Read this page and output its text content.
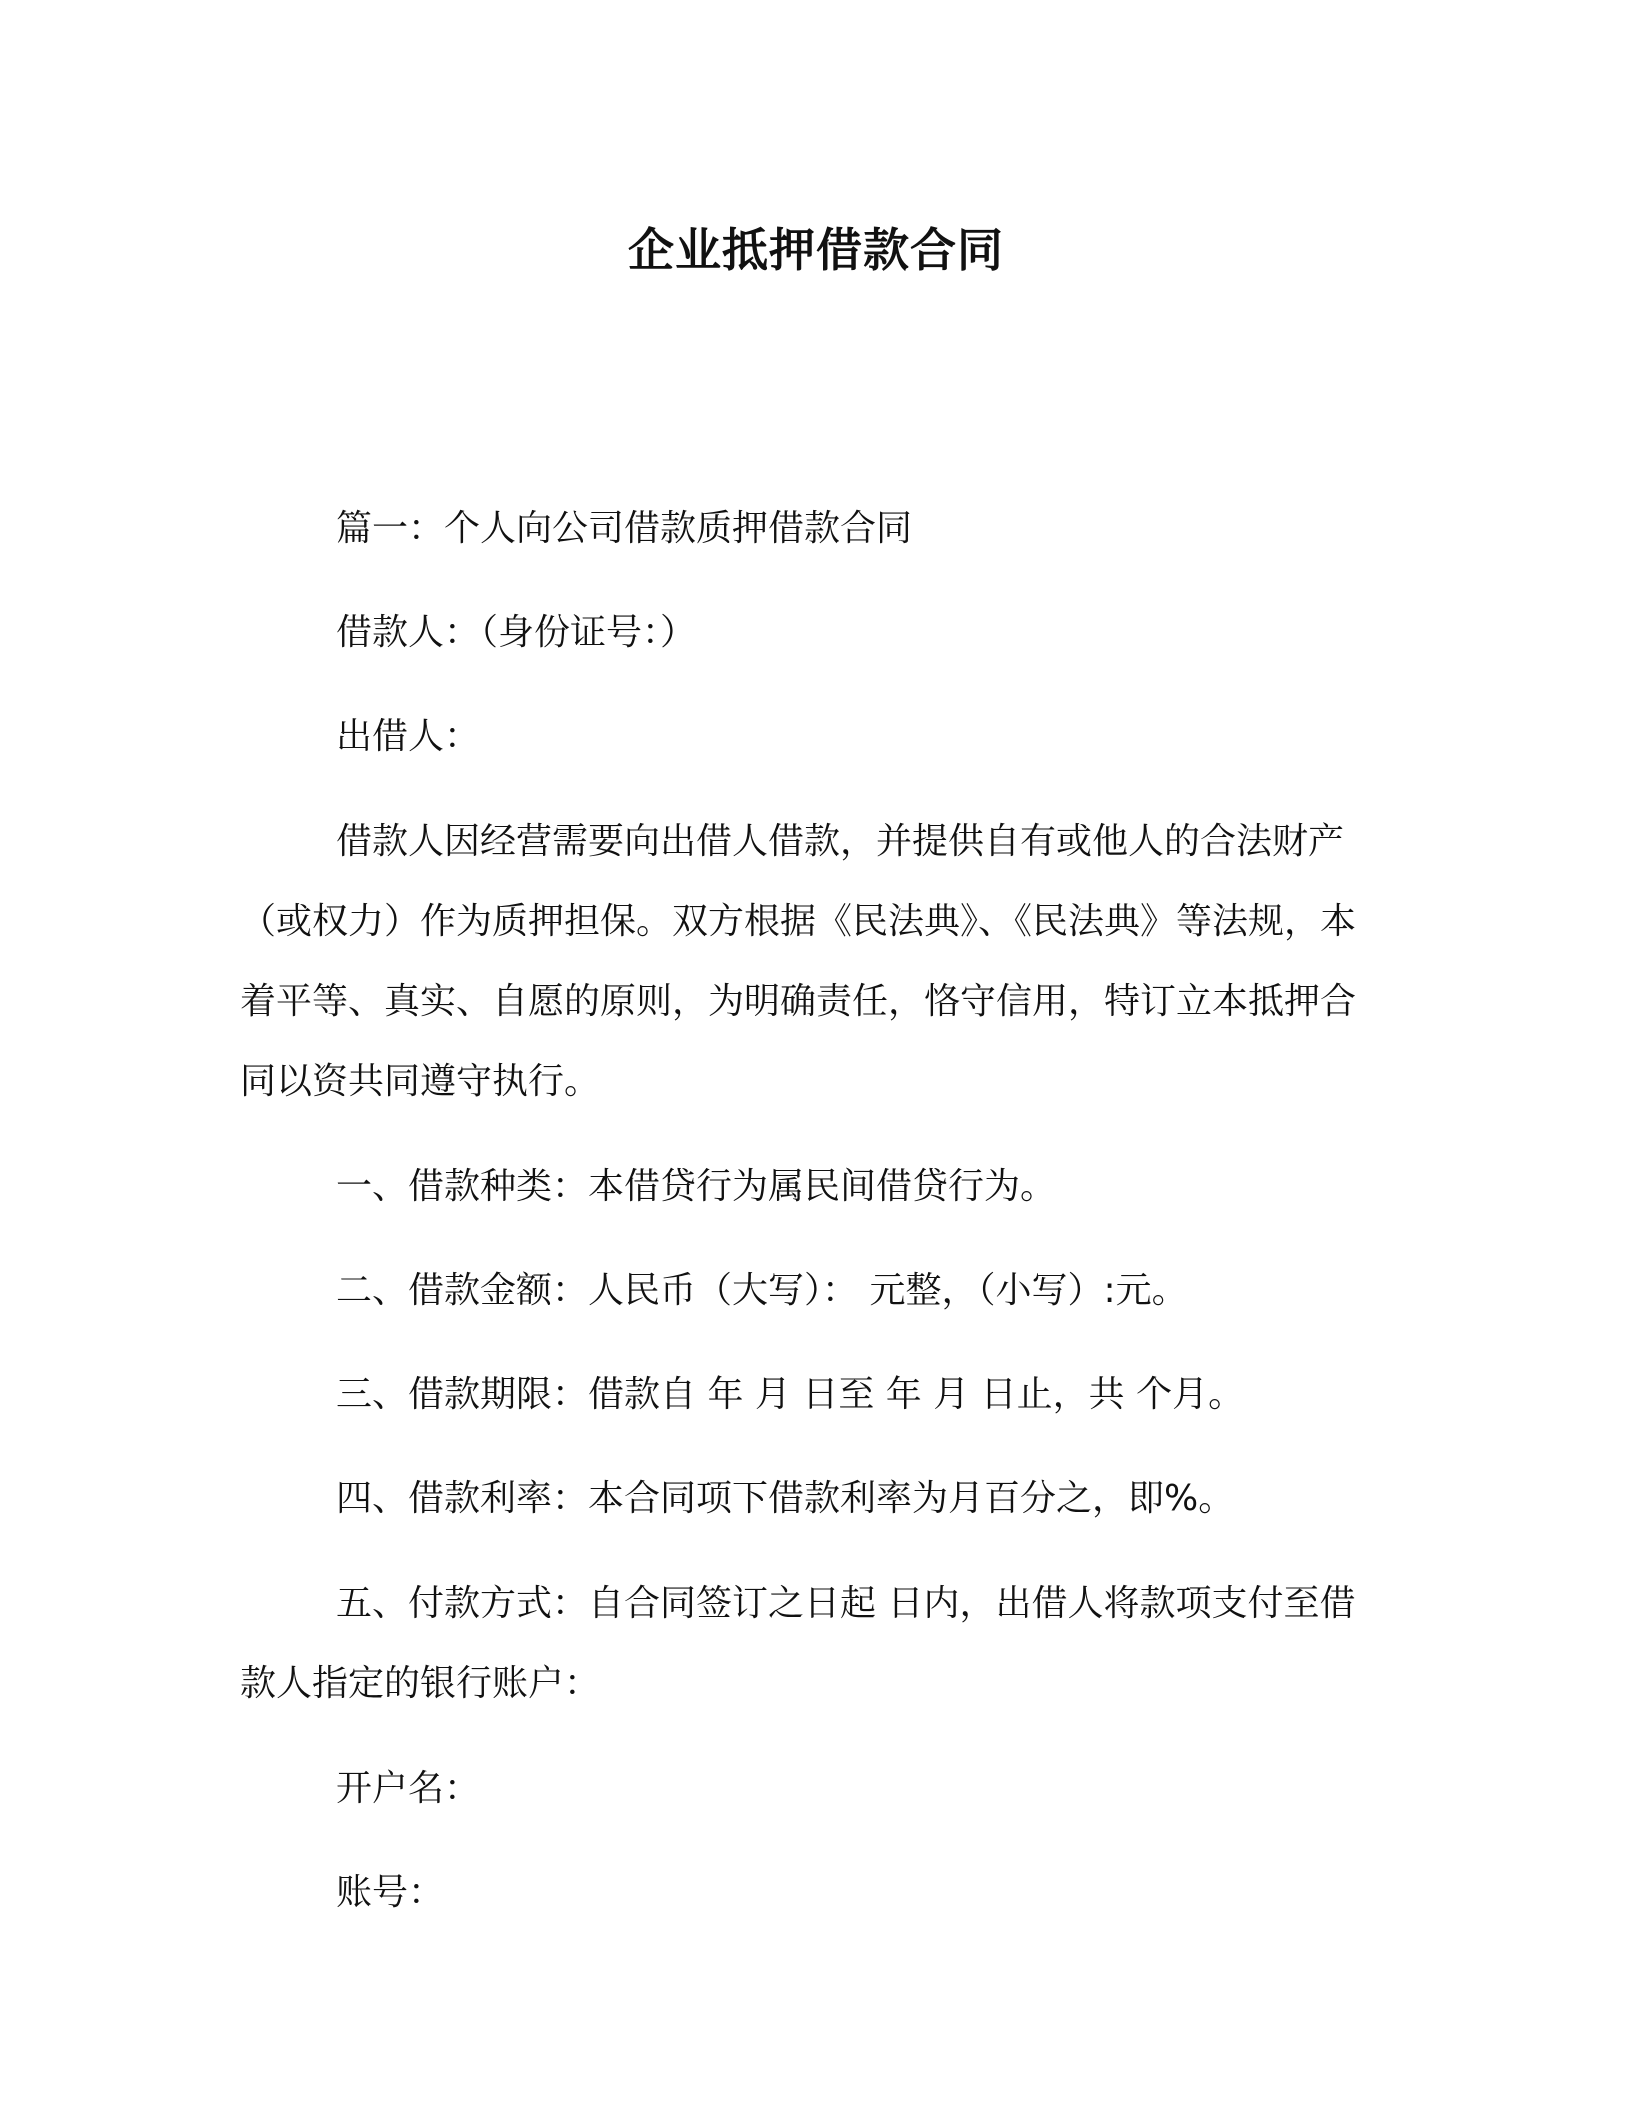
企业抵押借款合同

篇一：个人向公司借款质押借款合同

借款人：（身份证号：）

出借人：

借款人因经营需要向出借人借款，并提供自有或他人的合法财产（或权力）作为质押担保。双方根据《民法典》、《民法典》等法规，本着平等、真实、自愿的原则，为明确责任，恪守信用，特订立本抵押合同以资共同遵守执行。

一、借款种类：本借贷行为属民间借贷行为。

二、借款金额：人民币（大写）： 元整，（小写）:元。

三、借款期限：借款自 年 月 日至 年 月 日止，共 个月。

四、借款利率：本合同项下借款利率为月百分之，即%。

五、付款方式：自合同签订之日起 日内，出借人将款项支付至借款人指定的银行账户：

开户名：

账号：
